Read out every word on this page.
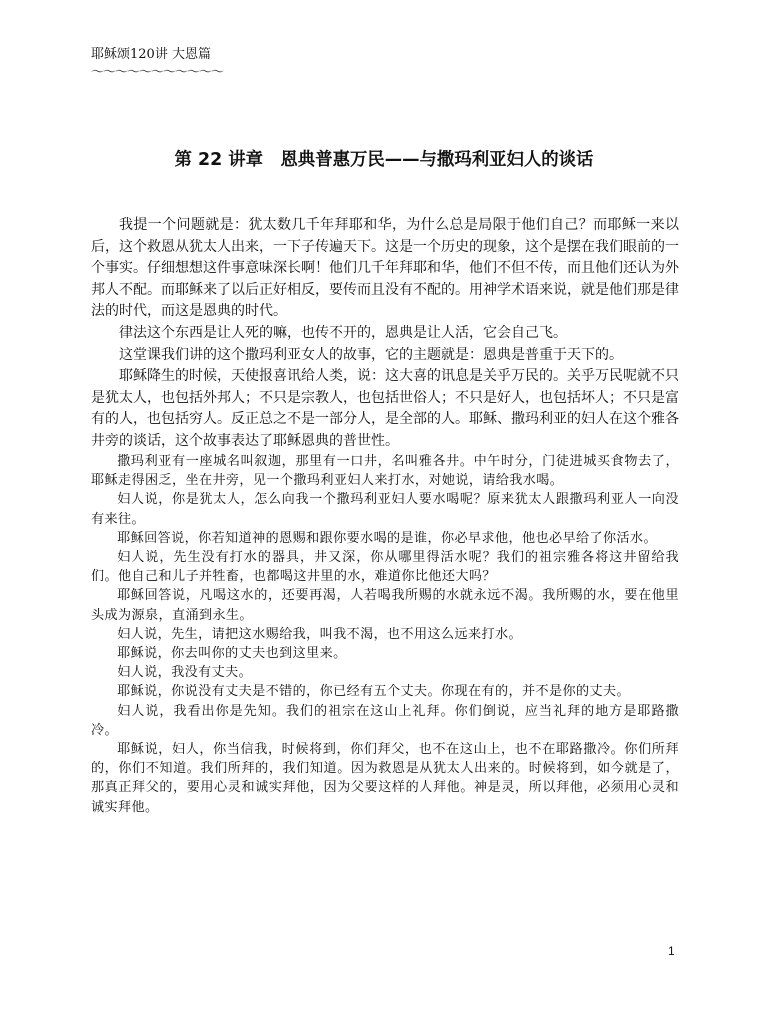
耶稣颂120讲 大恩篇
～～～～～～～～～～～
第 22 讲章　恩典普惠万民——与撒玛利亚妇人的谈话

我提一个问题就是：犹太数几千年拜耶和华，为什么总是局限于他们自己？而耶稣一来以后，这个救恩从犹太人出来，一下子传遍天下。这是一个历史的现象，这个是摆在我们眼前的一个事实。仔细想想这件事意味深长啊！他们几千年拜耶和华，他们不但不传，而且他们还认为外邦人不配。而耶稣来了以后正好相反，要传而且没有不配的。用神学术语来说，就是他们那是律法的时代，而这是恩典的时代。

律法这个东西是让人死的嘛，也传不开的，恩典是让人活，它会自己飞。

这堂课我们讲的这个撒玛利亚女人的故事，它的主题就是：恩典是普重于天下的。

耶稣降生的时候，天使报喜讯给人类，说：这大喜的讯息是关乎万民的。关乎万民呢就不只是犹太人，也包括外邦人；不只是宗教人，也包括世俗人；不只是好人，也包括坏人；不只是富有的人，也包括穷人。反正总之不是一部分人，是全部的人。耶稣、撒玛利亚的妇人在这个雅各井旁的谈话，这个故事表达了耶稣恩典的普世性。

撒玛利亚有一座城名叫叙迦，那里有一口井，名叫雅各井。中午时分，门徒进城买食物去了，耶稣走得困乏，坐在井旁，见一个撒玛利亚妇人来打水，对她说，请给我水喝。

妇人说，你是犹太人，怎么向我一个撒玛利亚妇人要水喝呢？原来犹太人跟撒玛利亚人一向没有来往。

耶稣回答说，你若知道神的恩赐和跟你要水喝的是谁，你必早求他，他也必早给了你活水。

妇人说，先生没有打水的器具，井又深，你从哪里得活水呢？我们的祖宗雅各将这井留给我们。他自己和儿子并牲畜，也都喝这井里的水，难道你比他还大吗？

耶稣回答说，凡喝这水的，还要再渴，人若喝我所赐的水就永远不渴。我所赐的水，要在他里头成为源泉，直涌到永生。

妇人说，先生，请把这水赐给我，叫我不渴，也不用这么远来打水。

耶稣说，你去叫你的丈夫也到这里来。

妇人说，我没有丈夫。

耶稣说，你说没有丈夫是不错的，你已经有五个丈夫。你现在有的，并不是你的丈夫。

妇人说，我看出你是先知。我们的祖宗在这山上礼拜。你们倒说，应当礼拜的地方是耶路撒冷。

耶稣说，妇人，你当信我，时候将到，你们拜父，也不在这山上，也不在耶路撒冷。你们所拜的，你们不知道。我们所拜的，我们知道。因为救恩是从犹太人出来的。时候将到，如今就是了， 那真正拜父的，要用心灵和诚实拜他，因为父要这样的人拜他。神是灵，所以拜他，必须用心灵和诚实拜他。

1
